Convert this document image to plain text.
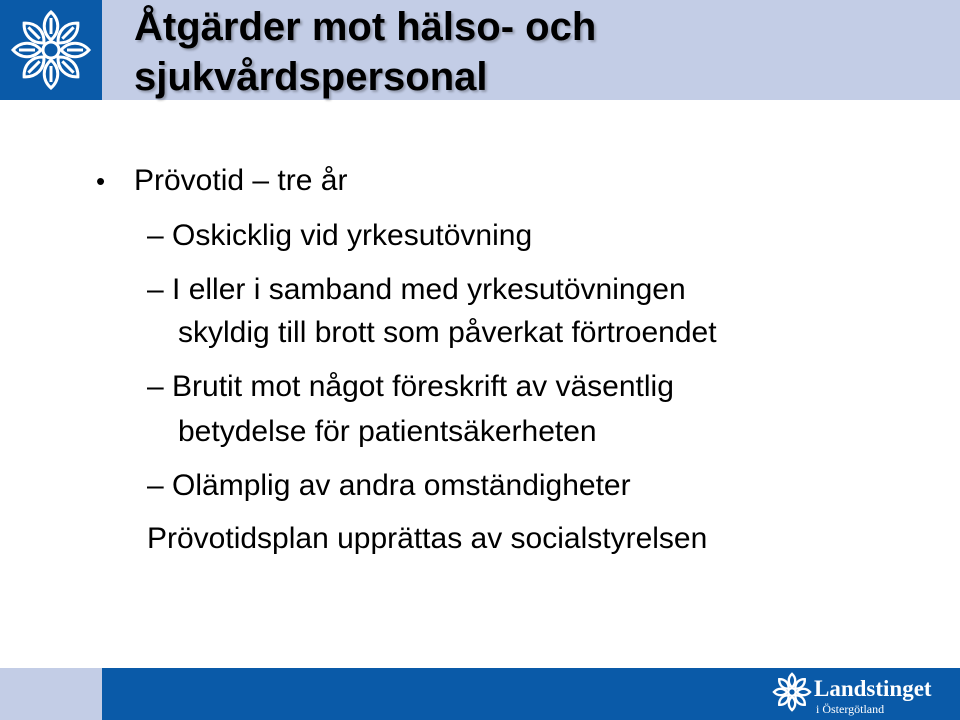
Åtgärder mot hälso- och
sjukvårdspersonal
• Prövotid – tre år
– Oskicklig vid yrkesutövning
– I eller i samband med yrkesutövningen
skyldig till brott som påverkat förtroendet
– Brutit mot något föreskrift av väsentlig
betydelse för patientsäkerheten
– Olämplig av andra omständigheter
Prövotidsplan upprättas av socialstyrelsen
Landstinget
i Östergötland
